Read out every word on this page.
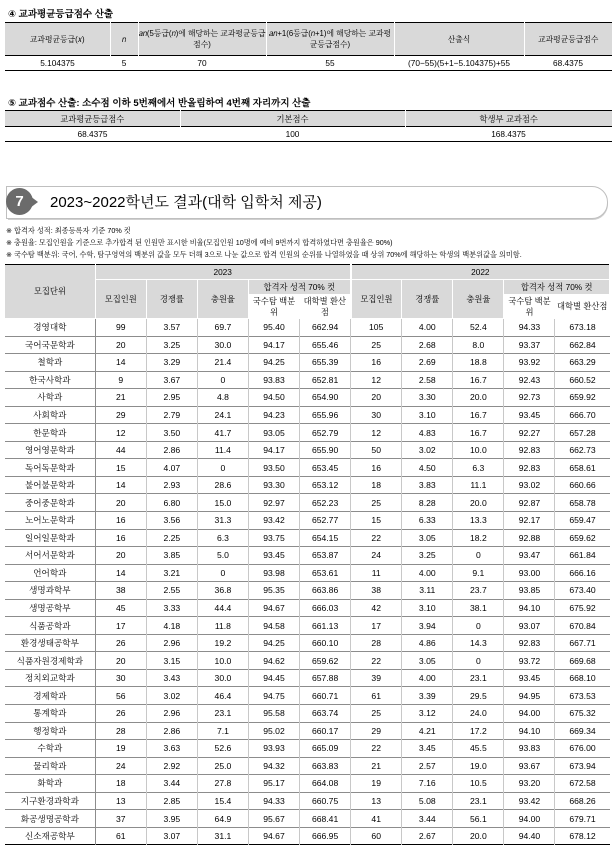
④ 교과평균등급점수 산출
교과평균등급(𝑥)	𝑛	𝑎𝑛(5등급(𝑛)에 해당하는 교과평균등급점수)	𝑎𝑛+1(6등급(𝑛+1)에 해당하는 교과평균등급점수)	산출식	교과평균등급점수
5.104375	5	70	55	(70−55)(5+1−5.104375)+55	68.4375
⑤ 교과점수 산출: 소수점 이하 5번째에서 반올림하여 4번째 자리까지 산출
교과평균등급점수	기본점수	학생부 교과점수
68.4375	100	168.4375
7	2023~2022학년도 결과(대학 입학처 제공)
※ 합격자 성적: 최종등록자 기준 70% 컷
※ 충원율: 모집인원을 기준으로 추가합격 된 인원만 표시한 비율(모집인원 10명에 예비 9번까지 합격하였다면 충원율은 90%)
※ 국수탐 백분위: 국어, 수학, 탐구영역의 백분위 값을 모두 더해 3으로 나눈 값으로 합격 인원의 순위를 나열하였을 때 상위 70%에 해당하는 학생의 백분위값을 의미함.
모집단위	2023					2022				
	모집인원	경쟁률	충원율	합격자 성적 70% 컷		모집인원	경쟁률	충원율	합격자 성적 70% 컷	
				국수탐 백분위	대학별 환산점				국수탐 백분위	대학별 환산점
경영대학	99	3.57	69.7	95.40	662.94	105	4.00	52.4	94.33	673.18
국어국문학과	20	3.25	30.0	94.17	655.46	25	2.68	8.0	93.37	662.84
철학과	14	3.29	21.4	94.25	655.39	16	2.69	18.8	93.92	663.29
한국사학과	9	3.67	0	93.83	652.81	12	2.58	16.7	92.43	660.52
사학과	21	2.95	4.8	94.50	654.90	20	3.30	20.0	92.73	659.92
사회학과	29	2.79	24.1	94.23	655.96	30	3.10	16.7	93.45	666.70
한문학과	12	3.50	41.7	93.05	652.79	12	4.83	16.7	92.27	657.28
영어영문학과	44	2.86	11.4	94.17	655.90	50	3.02	10.0	92.83	662.73
독어독문학과	15	4.07	0	93.50	653.45	16	4.50	6.3	92.83	658.61
불어불문학과	14	2.93	28.6	93.30	653.12	18	3.83	11.1	93.02	660.66
중어중문학과	20	6.80	15.0	92.97	652.23	25	8.28	20.0	92.87	658.78
노어노문학과	16	3.56	31.3	93.42	652.77	15	6.33	13.3	92.17	659.47
일어일문학과	16	2.25	6.3	93.75	654.15	22	3.05	18.2	92.88	659.62
서어서문학과	20	3.85	5.0	93.45	653.87	24	3.25	0	93.47	661.84
언어학과	14	3.21	0	93.98	653.61	11	4.00	9.1	93.00	666.16
생명과학부	38	2.55	36.8	95.35	663.86	38	3.11	23.7	93.85	673.40
생명공학부	45	3.33	44.4	94.67	666.03	42	3.10	38.1	94.10	675.92
식품공학과	17	4.18	11.8	94.58	661.13	17	3.94	0	93.07	670.84
환경생태공학부	26	2.96	19.2	94.25	660.10	28	4.86	14.3	92.83	667.71
식품자원경제학과	20	3.15	10.0	94.62	659.62	22	3.05	0	93.72	669.68
정치외교학과	30	3.43	30.0	94.45	657.88	39	4.00	23.1	93.45	668.10
경제학과	56	3.02	46.4	94.75	660.71	61	3.39	29.5	94.95	673.53
통계학과	26	2.96	23.1	95.58	663.74	25	3.12	24.0	94.00	675.32
행정학과	28	2.86	7.1	95.02	660.17	29	4.21	17.2	94.10	669.34
수학과	19	3.63	52.6	93.93	665.09	22	3.45	45.5	93.83	676.00
물리학과	24	2.92	25.0	94.32	663.83	21	2.57	19.0	93.67	673.94
화학과	18	3.44	27.8	95.17	664.08	19	7.16	10.5	93.20	672.58
지구환경과학과	13	2.85	15.4	94.33	660.75	13	5.08	23.1	93.42	668.26
화공생명공학과	37	3.95	64.9	95.67	668.41	41	3.44	56.1	94.00	679.71
신소재공학부	61	3.07	31.1	94.67	666.95	60	2.67	20.0	94.40	678.12
